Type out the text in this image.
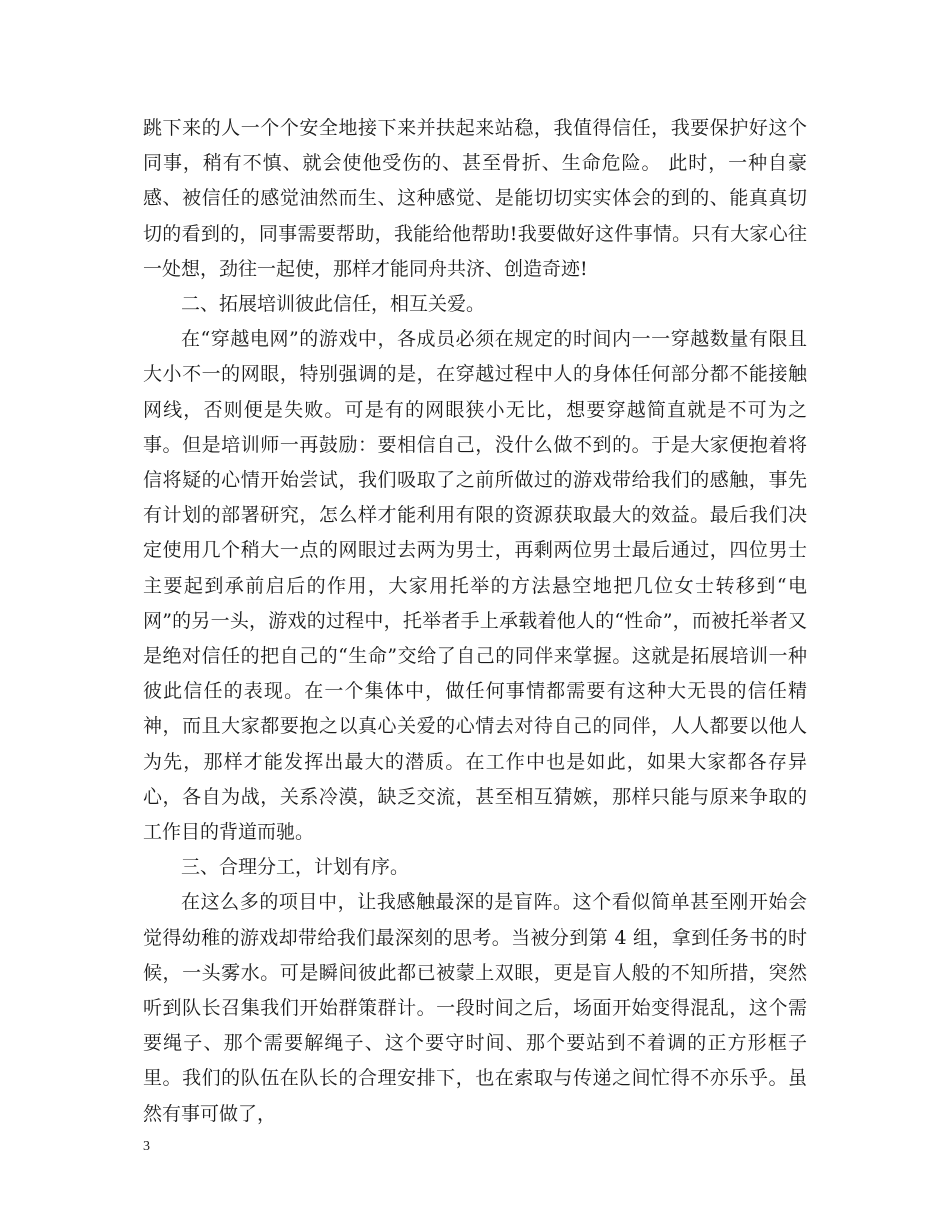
跳下来的人一个个安全地接下来并扶起来站稳，我值得信任，我要保护好这个同事，稍有不慎、就会使他受伤的、甚至骨折、生命危险。 此时，一种自豪感、被信任的感觉油然而生、这种感觉、是能切切实实体会的到的、能真真切切的看到的，同事需要帮助，我能给他帮助!我要做好这件事情。只有大家心往一处想，劲往一起使，那样才能同舟共济、创造奇迹!

二、拓展培训彼此信任，相互关爱。

在“穿越电网”的游戏中，各成员必须在规定的时间内一一穿越数量有限且大小不一的网眼，特别强调的是，在穿越过程中人的身体任何部分都不能接触网线，否则便是失败。可是有的网眼狭小无比，想要穿越简直就是不可为之事。但是培训师一再鼓励：要相信自己，没什么做不到的。于是大家便抱着将信将疑的心情开始尝试，我们吸取了之前所做过的游戏带给我们的感触，事先有计划的部署研究，怎么样才能利用有限的资源获取最大的效益。最后我们决定使用几个稍大一点的网眼过去两为男士，再剩两位男士最后通过，四位男士主要起到承前启后的作用，大家用托举的方法悬空地把几位女士转移到“电网”的另一头，游戏的过程中，托举者手上承载着他人的“性命”，而被托举者又是绝对信任的把自己的“生命”交给了自己的同伴来掌握。这就是拓展培训一种彼此信任的表现。在一个集体中，做任何事情都需要有这种大无畏的信任精神，而且大家都要抱之以真心关爱的心情去对待自己的同伴，人人都要以他人为先，那样才能发挥出最大的潜质。在工作中也是如此，如果大家都各存异心，各自为战，关系冷漠，缺乏交流，甚至相互猜嫉，那样只能与原来争取的工作目的背道而驰。

三、合理分工，计划有序。

在这么多的项目中，让我感触最深的是盲阵。这个看似简单甚至刚开始会觉得幼稚的游戏却带给我们最深刻的思考。当被分到第 4 组，拿到任务书的时候，一头雾水。可是瞬间彼此都已被蒙上双眼，更是盲人般的不知所措，突然听到队长召集我们开始群策群计。一段时间之后，场面开始变得混乱，这个需要绳子、那个需要解绳子、这个要守时间、那个要站到不着调的正方形框子里。我们的队伍在队长的合理安排下，也在索取与传递之间忙得不亦乐乎。虽然有事可做了，

3
